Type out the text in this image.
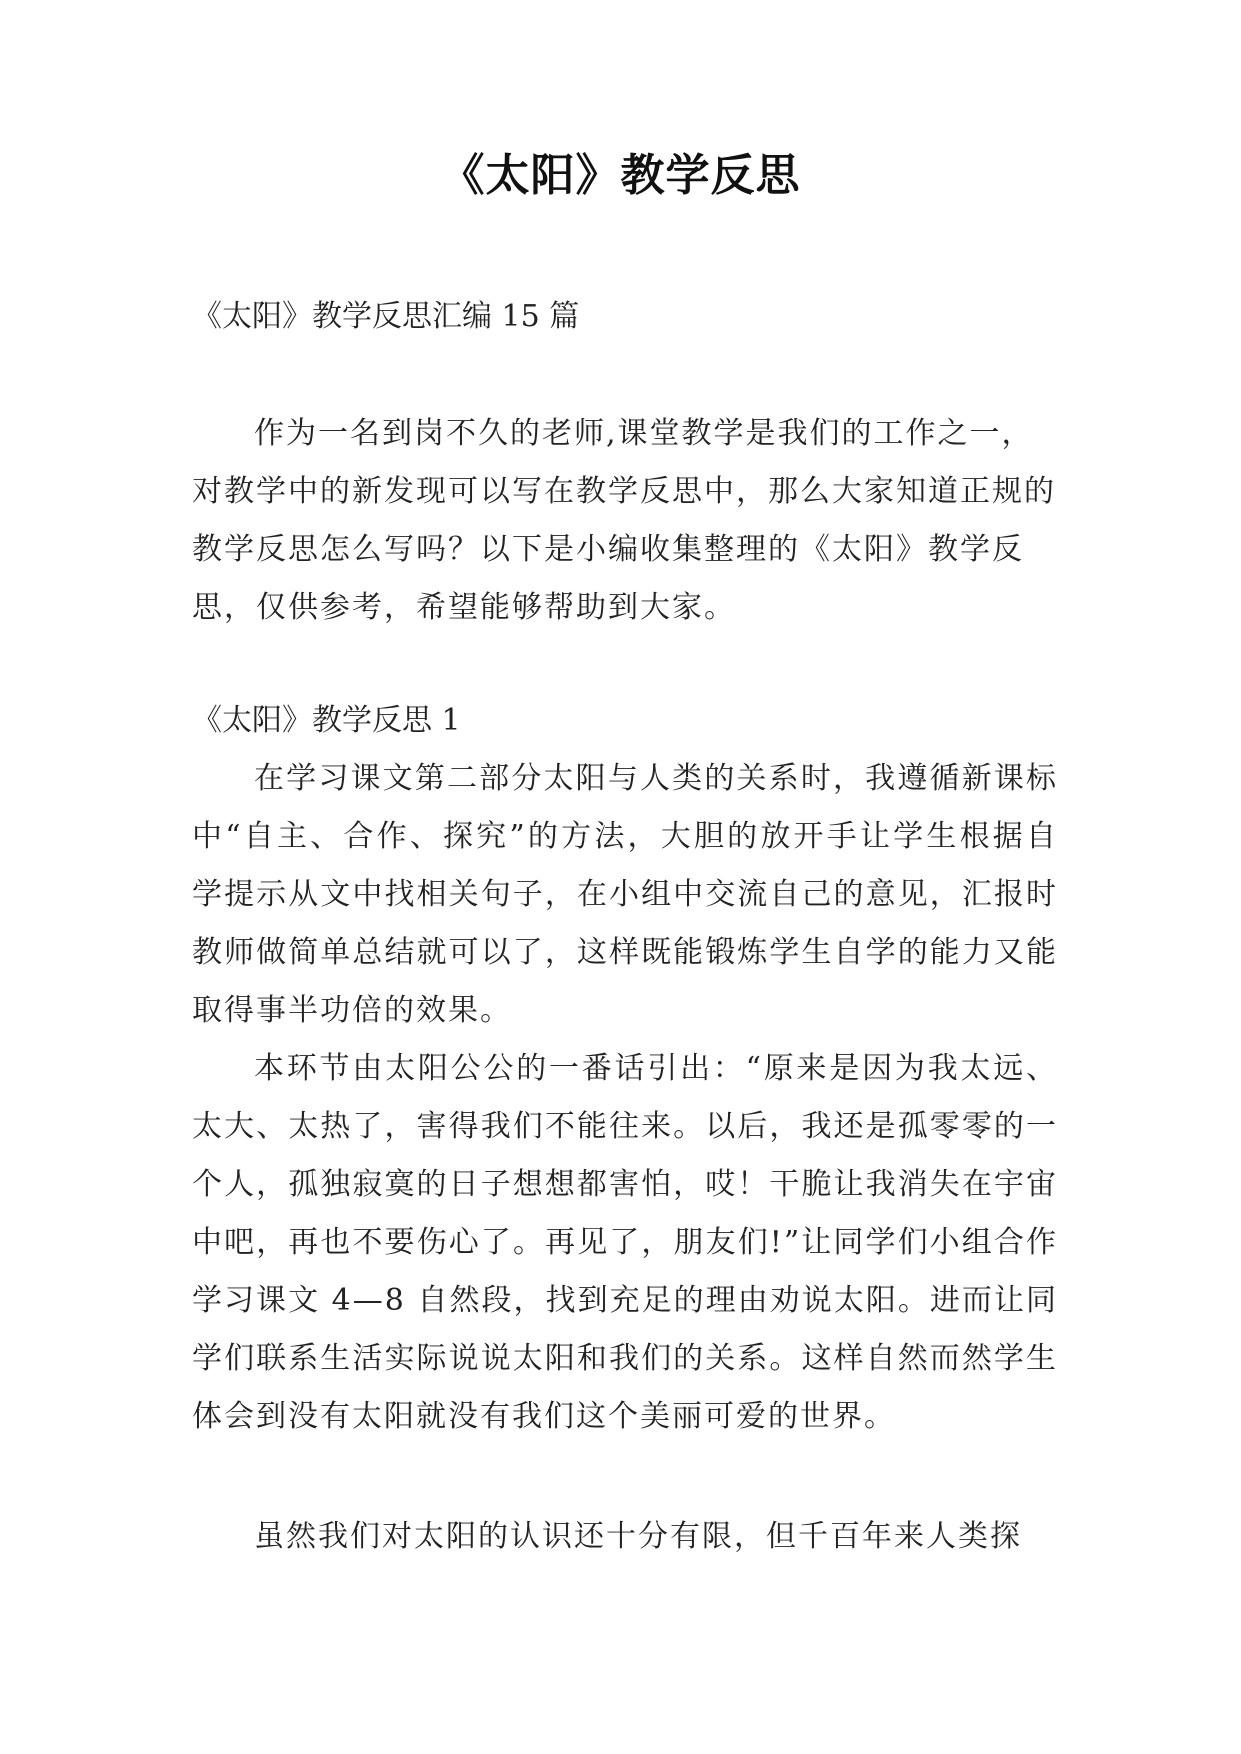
《太阳》教学反思

《太阳》教学反思汇编 15 篇

作为一名到岗不久的老师,课堂教学是我们的工作之一，对教学中的新发现可以写在教学反思中，那么大家知道正规的教学反思怎么写吗？以下是小编收集整理的《太阳》教学反思，仅供参考，希望能够帮助到大家。

《太阳》教学反思 1

在学习课文第二部分太阳与人类的关系时，我遵循新课标中“自主、合作、探究”的方法，大胆的放开手让学生根据自学提示从文中找相关句子，在小组中交流自己的意见，汇报时教师做简单总结就可以了，这样既能锻炼学生自学的能力又能取得事半功倍的效果。

本环节由太阳公公的一番话引出：“原来是因为我太远、太大、太热了，害得我们不能往来。以后，我还是孤零零的一个人，孤独寂寞的日子想想都害怕，哎！干脆让我消失在宇宙中吧，再也不要伤心了。再见了，朋友们!”让同学们小组合作学习课文 4—8 自然段，找到充足的理由劝说太阳。进而让同学们联系生活实际说说太阳和我们的关系。这样自然而然学生体会到没有太阳就没有我们这个美丽可爱的世界。

虽然我们对太阳的认识还十分有限，但千百年来人类探
